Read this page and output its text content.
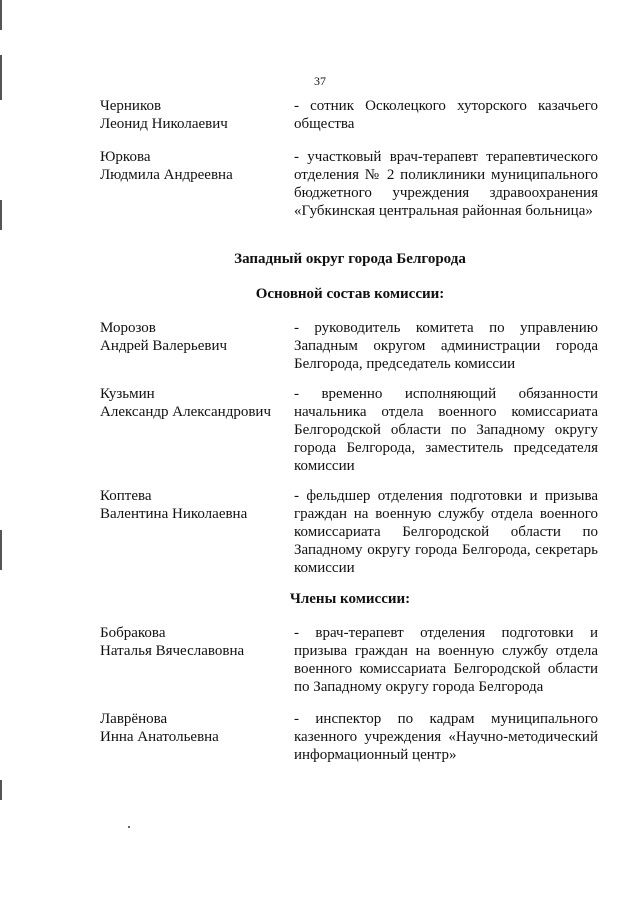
37
Черников
Леонид Николаевич
- сотник Осколецкого хуторского казачьего общества
Юркова
Людмила Андреевна
- участковый врач-терапевт терапевтического отделения № 2 поликлиники муниципального бюджетного учреждения здравоохранения «Губкинская центральная районная больница»
Западный округ города Белгорода
Основной состав комиссии:
Морозов
Андрей Валерьевич
- руководитель комитета по управлению Западным округом администрации города Белгорода, председатель комиссии
Кузьмин
Александр Александрович
- временно исполняющий обязанности начальника отдела военного комиссариата Белгородской области по Западному округу города Белгорода, заместитель председателя комиссии
Коптева
Валентина Николаевна
- фельдшер отделения подготовки и призыва граждан на военную службу отдела военного комиссариата Белгородской области по Западному округу города Белгорода, секретарь комиссии
Члены комиссии:
Бобракова
Наталья Вячеславовна
- врач-терапевт отделения подготовки и призыва граждан на военную службу отдела военного комиссариата Белгородской области по Западному округу города Белгорода
Лаврёнова
Инна Анатольевна
- инспектор по кадрам муниципального казенного учреждения «Научно-методический информационный центр»
